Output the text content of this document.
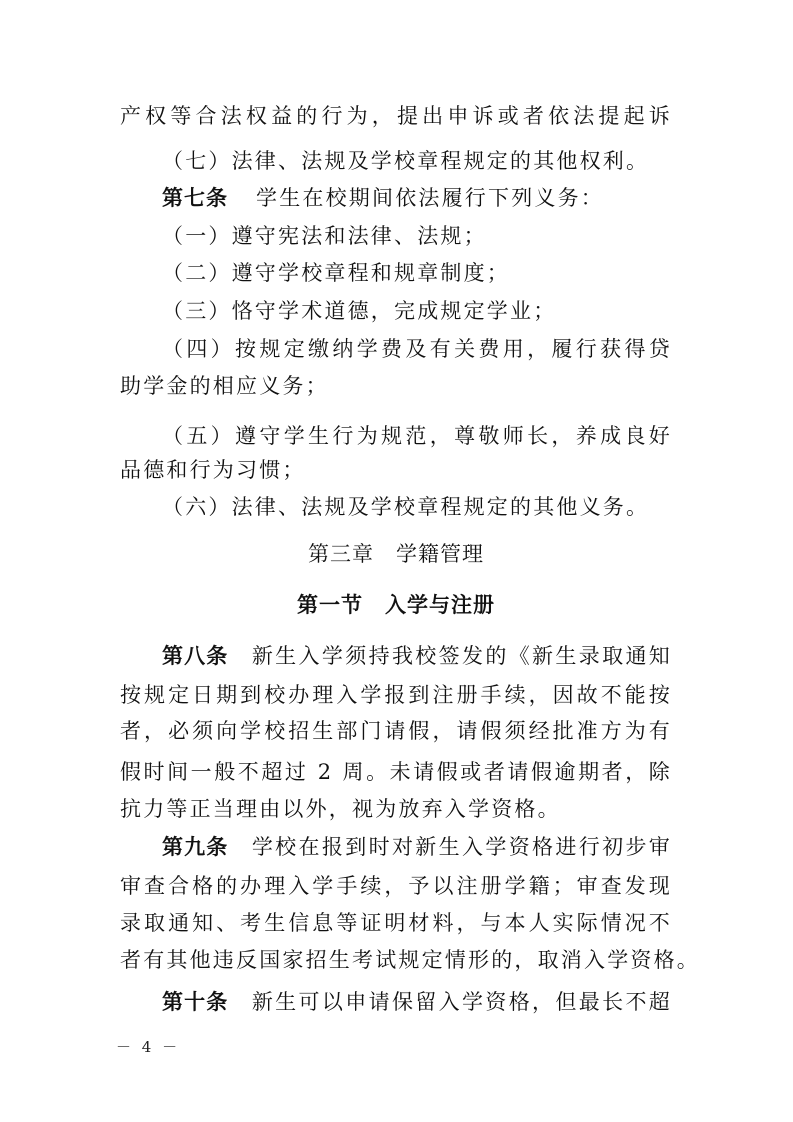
产权等合法权益的行为，提出申诉或者依法提起诉
（七）法律、法规及学校章程规定的其他权利。
第七条 学生在校期间依法履行下列义务：
（一）遵守宪法和法律、法规；
（二）遵守学校章程和规章制度；
（三）恪守学术道德，完成规定学业；
（四）按规定缴纳学费及有关费用，履行获得贷
助学金的相应义务；
（五）遵守学生行为规范，尊敬师长，养成良好
品德和行为习惯；
（六）法律、法规及学校章程规定的其他义务。
第三章　学籍管理
第一节　入学与注册
第八条　 新生入学须持我校签发的《新生录取通知
按规定日期到校办理入学报到注册手续，因故不能按
者，必须向学校招生部门请假，请假须经批准方为有
假时间一般不超过 2 周。未请假或者请假逾期者，除
抗力等正当理由以外，视为放弃入学资格。
第九条　 学校在报到时对新生入学资格进行初步审
审查合格的办理入学手续，予以注册学籍；审查发现
录取通知、考生信息等证明材料，与本人实际情况不
者有其他违反国家招生考试规定情形的，取消入学资格。
第十条　 新生可以申请保留入学资格，但最长不超
－ 4 －
